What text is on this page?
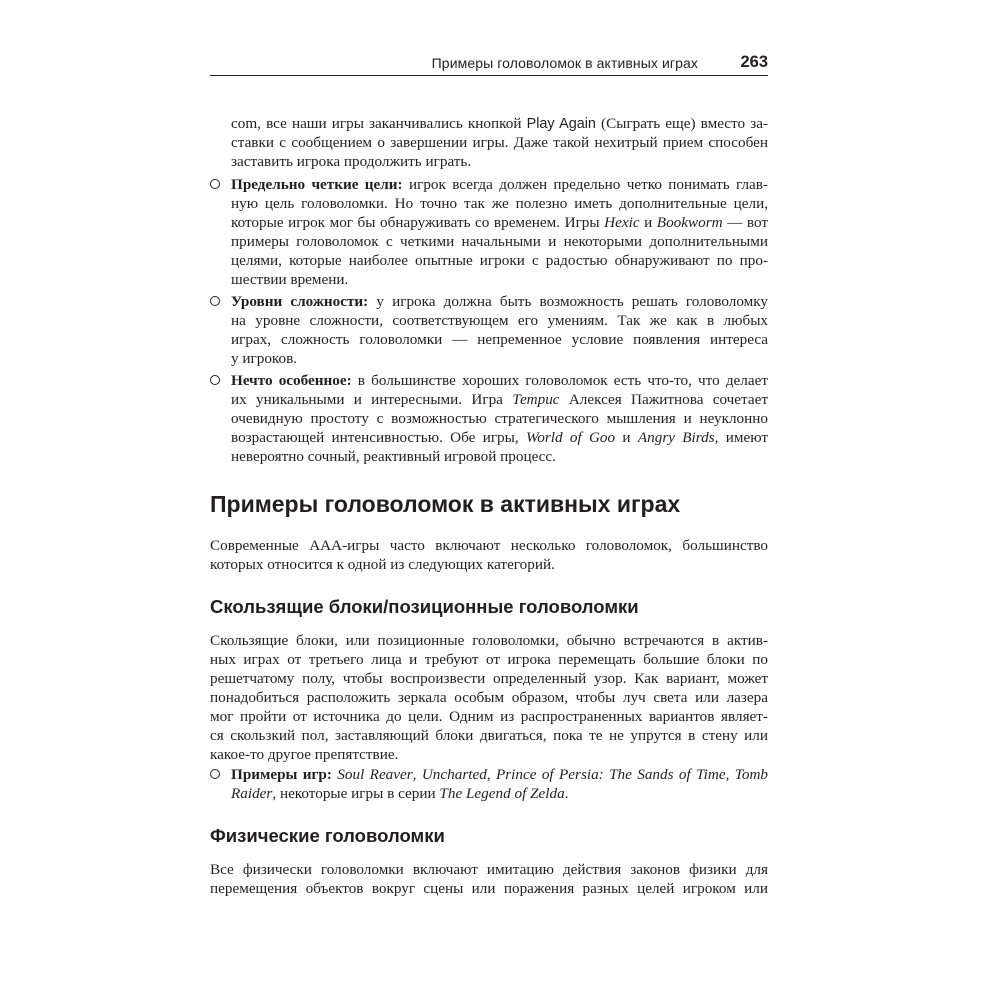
Примеры головоломок в активных играх	263
com, все наши игры заканчивались кнопкой Play Again (Сыграть еще) вместо за-
ставки с сообщением о завершении игры. Даже такой нехитрый прием способен
заставить игрока продолжить играть.
Предельно четкие цели: игрок всегда должен предельно четко понимать глав-
ную цель головоломки. Но точно так же полезно иметь дополнительные цели,
которые игрок мог бы обнаруживать со временем. Игры Hexic и Bookworm — вот
примеры головоломок с четкими начальными и некоторыми дополнительными
целями, которые наиболее опытные игроки с радостью обнаруживают по про-
шествии времени.
Уровни сложности: у игрока должна быть возможность решать головоломку
на уровне сложности, соответствующем его умениям. Так же как в любых
играх, сложность головоломки — непременное условие появления интереса
у игроков.
Нечто особенное: в большинстве хороших головоломок есть что-то, что делает
их уникальными и интересными. Игра Тетрис Алексея Пажитнова сочетает
очевидную простоту с возможностью стратегического мышления и неуклонно
возрастающей интенсивностью. Обе игры, World of Goo и Angry Birds, имеют
невероятно сочный, реактивный игровой процесс.
Примеры головоломок в активных играх
Современные ААА-игры часто включают несколько головоломок, большинство
которых относится к одной из следующих категорий.
Скользящие блоки/позиционные головоломки
Скользящие блоки, или позиционные головоломки, обычно встречаются в актив-
ных играх от третьего лица и требуют от игрока перемещать большие блоки по
решетчатому полу, чтобы воспроизвести определенный узор. Как вариант, может
понадобиться расположить зеркала особым образом, чтобы луч света или лазера
мог пройти от источника до цели. Одним из распространенных вариантов являет-
ся скользкий пол, заставляющий блоки двигаться, пока те не упрутся в стену или
какое-то другое препятствие.
Примеры игр: Soul Reaver, Uncharted, Prince of Persia: The Sands of Time, Tomb
Raider, некоторые игры в серии The Legend of Zelda.
Физические головоломки
Все физически головоломки включают имитацию действия законов физики для
перемещения объектов вокруг сцены или поражения разных целей игроком или
